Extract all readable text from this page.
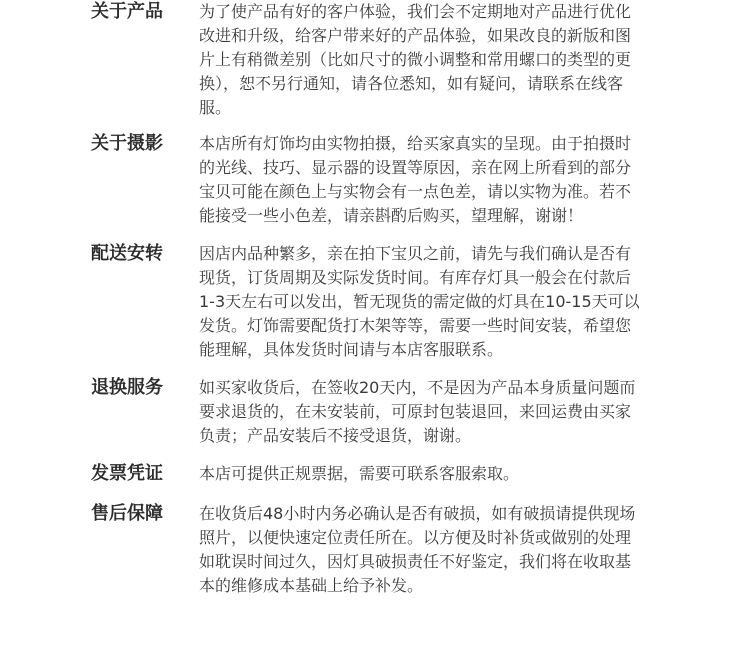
关于产品	为了使产品有好的客户体验，我们会不定期地对产品进行优化
改进和升级，给客户带来好的产品体验，如果改良的新版和图
片上有稍微差别（比如尺寸的微小调整和常用螺口的类型的更
换），恕不另行通知，请各位悉知，如有疑问，请联系在线客
服。
关于摄影	本店所有灯饰均由实物拍摄，给买家真实的呈现。由于拍摄时
的光线、技巧、显示器的设置等原因，亲在网上所看到的部分
宝贝可能在颜色上与实物会有一点色差，请以实物为准。若不
能接受一些小色差，请亲斟酌后购买，望理解，谢谢！
配送安转	因店内品种繁多，亲在拍下宝贝之前，请先与我们确认是否有
现货，订货周期及实际发货时间。有库存灯具一般会在付款后
1-3天左右可以发出，暂无现货的需定做的灯具在10-15天可以
发货。灯饰需要配货打木架等等，需要一些时间安装，希望您
能理解，具体发货时间请与本店客服联系。
退换服务	如买家收货后，在签收20天内，不是因为产品本身质量问题而
要求退货的，在未安装前，可原封包装退回，来回运费由买家
负责；产品安装后不接受退货，谢谢。
发票凭证	本店可提供正规票据，需要可联系客服索取。
售后保障	在收货后48小时内务必确认是否有破损，如有破损请提供现场
照片，以便快速定位责任所在。以方便及时补货或做别的处理
如耽误时间过久，因灯具破损责任不好鉴定，我们将在收取基
本的维修成本基础上给予补发。
